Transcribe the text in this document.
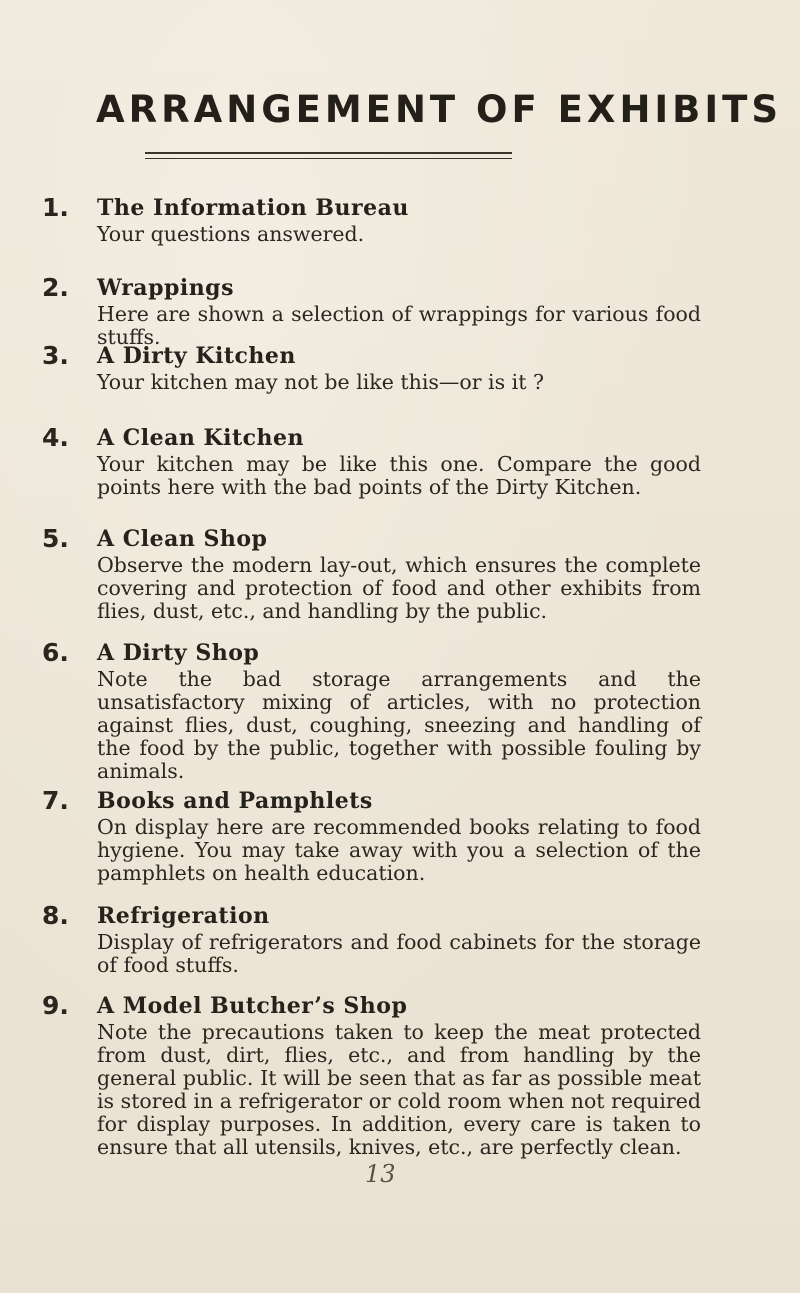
ARRANGEMENT OF EXHIBITS
1. The Information Bureau
Your questions answered.
2. Wrappings
Here are shown a selection of wrappings for various food stuffs.
3. A Dirty Kitchen
Your kitchen may not be like this—or is it ?
4. A Clean Kitchen
Your kitchen may be like this one. Compare the good points here with the bad points of the Dirty Kitchen.
5. A Clean Shop
Observe the modern lay-out, which ensures the complete covering and protection of food and other exhibits from flies, dust, etc., and handling by the public.
6. A Dirty Shop
Note the bad storage arrangements and the unsatisfactory mixing of articles, with no protection against flies, dust, coughing, sneezing and handling of the food by the public, together with possible fouling by animals.
7. Books and Pamphlets
On display here are recommended books relating to food hygiene. You may take away with you a selection of the pamphlets on health education.
8. Refrigeration
Display of refrigerators and food cabinets for the storage of food stuffs.
9. A Model Butcher’s Shop
Note the precautions taken to keep the meat protected from dust, dirt, flies, etc., and from handling by the general public. It will be seen that as far as possible meat is stored in a refrigerator or cold room when not required for display purposes. In addition, every care is taken to ensure that all utensils, knives, etc., are perfectly clean.
13
